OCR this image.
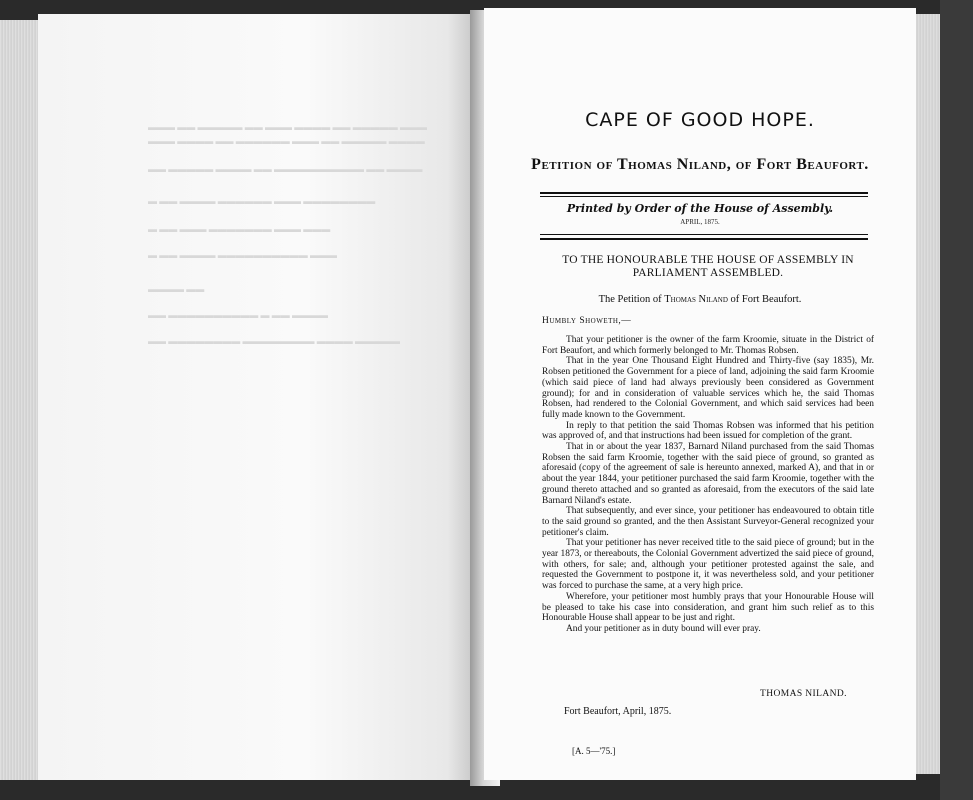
▬▬▬ ▬▬ ▬▬▬▬▬ ▬▬ ▬▬▬ ▬▬▬▬ ▬▬ ▬▬▬▬▬ ▬▬▬
▬▬▬ ▬▬▬▬ ▬▬ ▬▬▬▬▬▬ ▬▬▬ ▬▬ ▬▬▬▬▬ ▬▬▬▬
▬▬ ▬▬▬▬▬ ▬▬▬▬ ▬▬ ▬▬▬▬▬▬▬▬▬▬ ▬▬ ▬▬▬▬
▬ ▬▬ ▬▬▬▬ ▬▬▬▬▬▬ ▬▬▬ ▬▬▬▬▬▬▬▬
▬ ▬▬ ▬▬▬ ▬▬▬▬▬▬▬ ▬▬▬ ▬▬▬
▬ ▬▬ ▬▬▬▬ ▬▬▬▬▬▬▬▬▬▬ ▬▬▬
▬▬▬▬ ▬▬
▬▬ ▬▬▬▬▬▬▬▬▬▬ ▬ ▬▬ ▬▬▬▬
▬▬ ▬▬▬▬▬▬▬▬ ▬▬▬▬▬▬▬▬ ▬▬▬▬ ▬▬▬▬▬
CAPE OF GOOD HOPE.
Petition of Thomas Niland, of Fort Beaufort.
Printed by Order of the House of Assembly.
APRIL, 1875.
TO THE HONOURABLE THE HOUSE OF ASSEMBLY IN PARLIAMENT ASSEMBLED.
The Petition of Thomas Niland of Fort Beaufort.
Humbly Showeth,—

That your petitioner is the owner of the farm Kroomie, situate in the District of Fort Beaufort, and which formerly belonged to Mr. Thomas Robsen.

That in the year One Thousand Eight Hundred and Thirty-five (say 1835), Mr. Robsen petitioned the Government for a piece of land, adjoining the said farm Kroomie (which said piece of land had always previously been considered as Government ground); for and in consideration of valuable services which he, the said Thomas Robsen, had rendered to the Colonial Government, and which said services had been fully made known to the Government.

In reply to that petition the said Thomas Robsen was informed that his petition was approved of, and that instructions had been issued for completion of the grant.

That in or about the year 1837, Barnard Niland purchased from the said Thomas Robsen the said farm Kroomie, together with the said piece of ground, so granted as aforesaid (copy of the agreement of sale is hereunto annexed, marked A), and that in or about the year 1844, your petitioner purchased the said farm Kroomie, together with the ground thereto attached and so granted as aforesaid, from the executors of the said late Barnard Niland's estate.

That subsequently, and ever since, your petitioner has endeavoured to obtain title to the said ground so granted, and the then Assistant Surveyor-General recognized your petitioner's claim.

That your petitioner has never received title to the said piece of ground; but in the year 1873, or thereabouts, the Colonial Government advertized the said piece of ground, with others, for sale; and, although your petitioner protested against the sale, and requested the Government to postpone it, it was nevertheless sold, and your petitioner was forced to purchase the same, at a very high price.

Wherefore, your petitioner most humbly prays that your Honourable House will be pleased to take his case into consideration, and grant him such relief as to this Honourable House shall appear to be just and right.

And your petitioner as in duty bound will ever pray.

THOMAS NILAND.
Fort Beaufort, April, 1875.
[A. 5—'75.]
